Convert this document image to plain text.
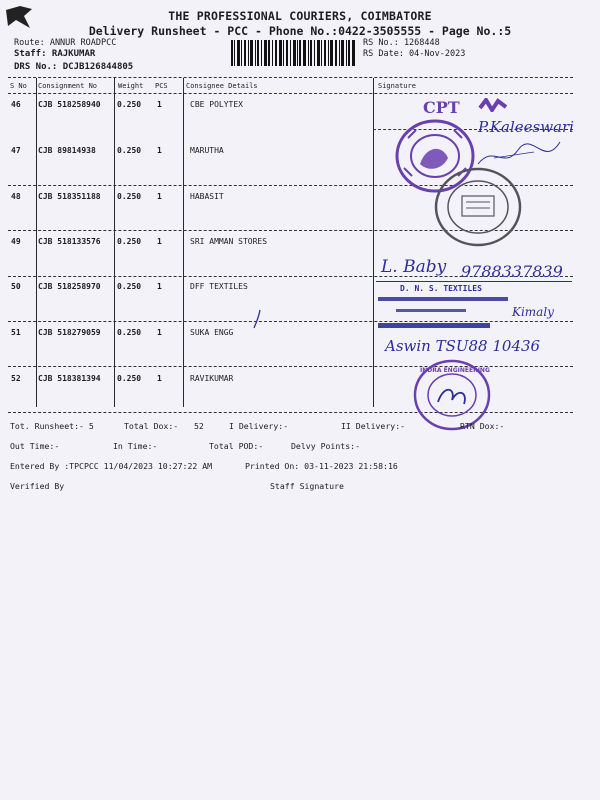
THE PROFESSIONAL COURIERS, COIMBATORE
Delivery Runsheet - PCC - Phone No.:0422-3505555 - Page No.:5
Route: ANNUR ROADPCC
Staff: RAJKUMAR
DRS No.: DCJB126844805
RS No.: 1268448
RS Date: 04-Nov-2023
S No Consignment No	Weight PCS	Consignee Details	Signature
46 CJB 518258940 0.250 1	CBE POLYTEX
47 CJB 89814938	0.250 1	MARUTHA
48 CJB 518351188 0.250 1	HABASIT
49 CJB 518133576 0.250 1	SRI AMMAN STORES
50 CJB 518258970 0.250 1	DFF TEXTILES
51 CJB 518279059 0.250 1	SUKA ENGG
52 CJB 518381394 0.250 1	RAVIKUMAR
CPT
P.Kaleeswari
L. Baby 9788337839
D. N. S. TEXTILES
Kimaly
Aswin TSU88 10436
INDRA ENGINEERING
Tot. Runsheet:- 5	Total Dox:- 52	I Delivery:-	II Delivery:-	RTN Dox:-
Out Time:-	In Time:-	Total POD:-	Delvy Points:-
Entered By :TPCPCC 11/04/2023 10:27:22 AM	Printed On: 03-11-2023 21:58:16
Verified By	Staff Signature
